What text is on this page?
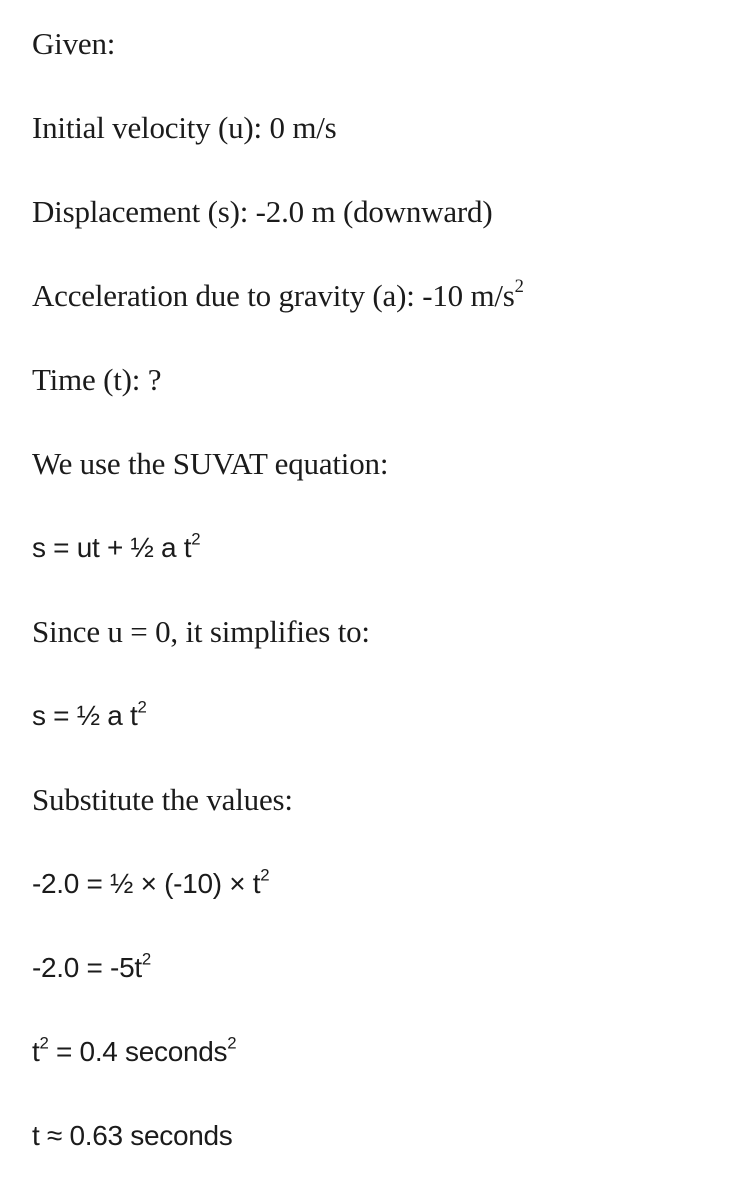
Given:
Initial velocity (u): 0 m/s
Displacement (s): -2.0 m (downward)
Acceleration due to gravity (a): -10 $m/s^2$
Time (t): ?
We use the SUVAT equation:
s = ut + ½ a $t^2$
Since u = 0, it simplifies to:
s = ½ a $t^2$
Substitute the values:
-2.0 = ½ × $(-10) \times t^2$
$-2.0 = -5t^2$
$t^2 = 0.4$ seconds$^2$
t ≈ 0.63 seconds
